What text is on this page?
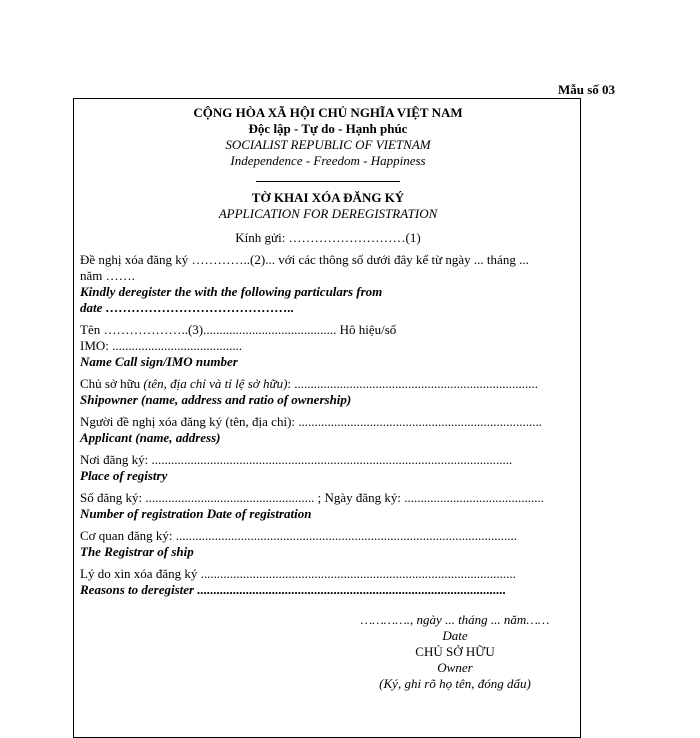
Mẫu số 03
CỘNG HÒA XÃ HỘI CHỦ NGHĨA VIỆT NAM
Độc lập - Tự do - Hạnh phúc
SOCIALIST REPUBLIC OF VIETNAM
Independence - Freedom - Happiness
TỜ KHAI XÓA ĐĂNG KÝ
APPLICATION FOR DEREGISTRATION
Kính gửi: ………………………(1)
Đề nghị xóa đăng ký …………..(2)... với các thông số dưới đây kể từ ngày ... tháng ...
năm …….
Kindly deregister the with the following particulars from
date ……………………………………..
Tên ………………..(3)......................................... Hô hiệu/số
IMO: ........................................
Name Call sign/IMO number
Chủ sở hữu (tên, địa chỉ và tỉ lệ sở hữu): ...........................................................................
Shipowner (name, address and ratio of ownership)
Người đề nghị xóa đăng ký (tên, địa chỉ): ...........................................................................
Applicant (name, address)
Nơi đăng ký: ...............................................................................................................
Place of registry
Số đăng ký: .................................................... ; Ngày đăng ký: ...........................................
Number of registration Date of registration
Cơ quan đăng ký: .........................................................................................................
The Registrar of ship
Lý do xin xóa đăng ký .................................................................................................
Reasons to deregister ...............................................................................................
…………., ngày ... tháng ... năm……
Date
CHỦ SỞ HỮU
Owner
(Ký, ghi rõ họ tên, đóng dấu)
